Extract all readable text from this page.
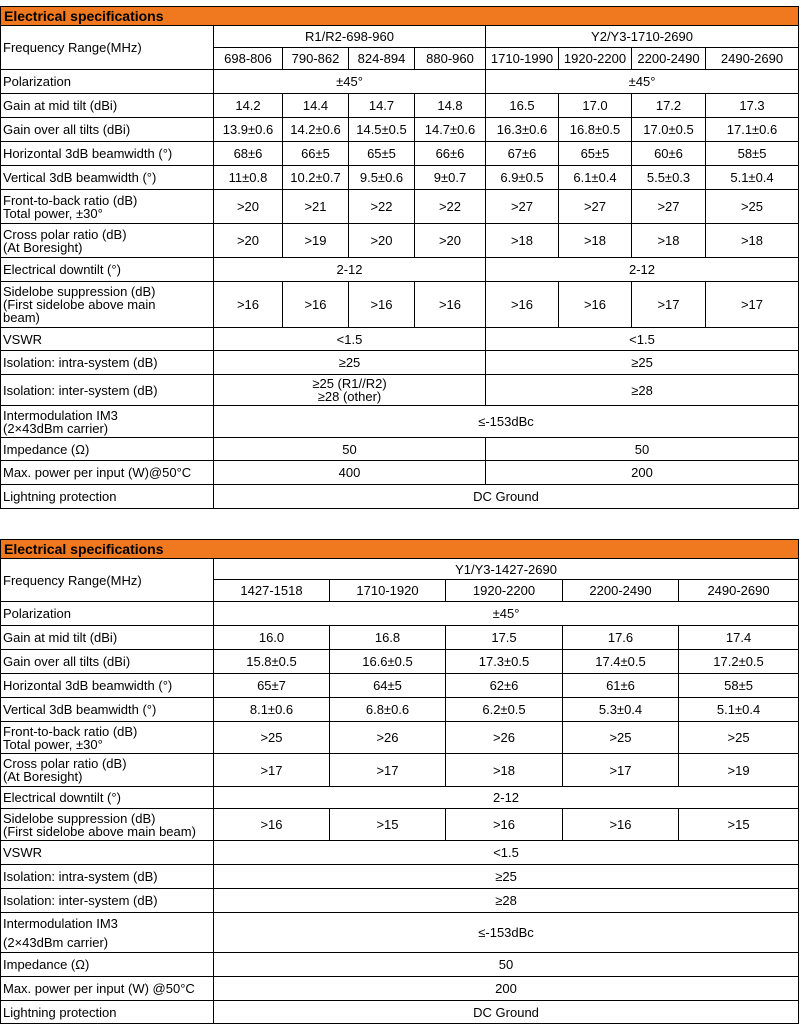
Electrical specifications								
Frequency Range(MHz)	R1/R2-698-960				Y2/Y3-1710-2690			
	698-806	790-862	824-894	880-960	1710-1990	1920-2200	2200-2490	2490-2690
Polarization	±45°				±45°			
Gain at mid tilt (dBi)	14.2	14.4	14.7	14.8	16.5	17.0	17.2	17.3
Gain over all tilts (dBi)	13.9±0.6	14.2±0.6	14.5±0.5	14.7±0.6	16.3±0.6	16.8±0.5	17.0±0.5	17.1±0.6
Horizontal 3dB beamwidth (°)	68±6	66±5	65±5	66±6	67±6	65±5	60±6	58±5
Vertical 3dB beamwidth (°)	11±0.8	10.2±0.7	9.5±0.6	9±0.7	6.9±0.5	6.1±0.4	5.5±0.3	5.1±0.4

Front-to-back ratio (dB)
Total power, ±30°	>20	>21	>22	>22	>27	>27	>27	>25

Cross polar ratio (dB)
(At Boresight)	>20	>19	>20	>20	>18	>18	>18	>18
Electrical downtilt (°)	2-12				2-12			

Sidelobe suppression (dB)
(First sidelobe above main
beam)	>16	>16	>16	>16	>16	>16	>17	>17
VSWR	<1.5				<1.5			
Isolation: intra-system (dB)	≥25				≥25			
Isolation: inter-system (dB)	≥25 (R1//R2)
≥28 (other)				≥28			

Intermodulation IM3
(2×43dBm carrier)	≤-153dBc							
Impedance (Ω)	50				50			
Max. power per input (W)@50°C	400				200			
Lightning protection	DC Ground							
Electrical specifications					
Frequency Range(MHz)	Y1/Y3-1427-2690				
	1427-1518	1710-1920	1920-2200	2200-2490	2490-2690
Polarization	±45°				
Gain at mid tilt (dBi)	16.0	16.8	17.5	17.6	17.4
Gain over all tilts (dBi)	15.8±0.5	16.6±0.5	17.3±0.5	17.4±0.5	17.2±0.5
Horizontal 3dB beamwidth (°)	65±7	64±5	62±6	61±6	58±5
Vertical 3dB beamwidth (°)	8.1±0.6	6.8±0.6	6.2±0.5	5.3±0.4	5.1±0.4

Front-to-back ratio (dB)
Total power, ±30°	>25	>26	>26	>25	>25

Cross polar ratio (dB)
(At Boresight)	>17	>17	>18	>17	>19
Electrical downtilt (°)	2-12				

Sidelobe suppression (dB)
(First sidelobe above main beam)	>16	>15	>16	>16	>15
VSWR	<1.5				
Isolation: intra-system (dB)	≥25				
Isolation: inter-system (dB)	≥28				

Intermodulation IM3
(2×43dBm carrier)	≤-153dBc				
Impedance (Ω)	50				
Max. power per input (W) @50°C	200				
Lightning protection	DC Ground				
